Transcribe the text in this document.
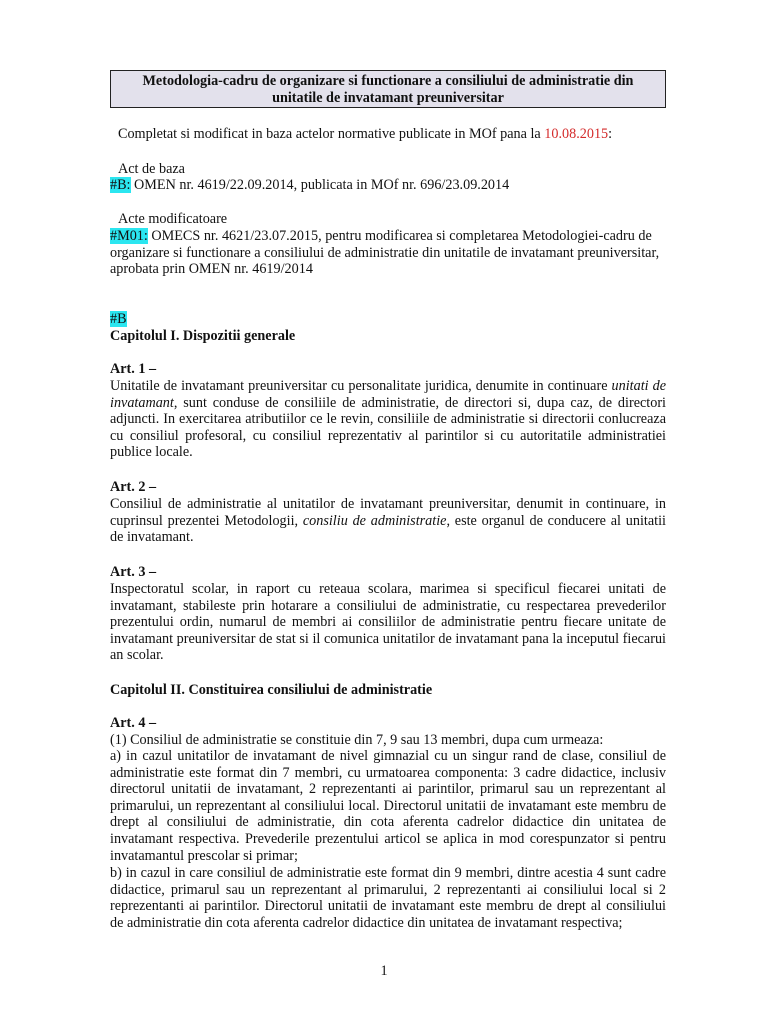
Metodologia-cadru de organizare si functionare a consiliului de administratie din
unitatile de invatamant preuniversitar
Completat si modificat in baza actelor normative publicate in MOf pana la 10.08.2015:
Act de baza
#B: OMEN nr. 4619/22.09.2014, publicata in MOf nr. 696/23.09.2014
Acte modificatoare
#M01: OMECS nr. 4621/23.07.2015, pentru modificarea si completarea Metodologiei-cadru de organizare si functionare a consiliului de administratie din unitatile de invatamant preuniversitar, aprobata prin OMEN nr. 4619/2014
#B
Capitolul I. Dispozitii generale
Art. 1 –
Unitatile de invatamant preuniversitar cu personalitate juridica, denumite in continuare unitati de invatamant, sunt conduse de consiliile de administratie, de directori si, dupa caz, de directori adjuncti. In exercitarea atributiilor ce le revin, consiliile de administratie si directorii conlucreaza cu consiliul profesoral, cu consiliul reprezentativ al parintilor si cu autoritatile administratiei publice locale.
Art. 2 –
Consiliul de administratie al unitatilor de invatamant preuniversitar, denumit in continuare, in cuprinsul prezentei Metodologii, consiliu de administratie, este organul de conducere al unitatii de invatamant.
Art. 3 –
Inspectoratul scolar, in raport cu reteaua scolara, marimea si specificul fiecarei unitati de invatamant, stabileste prin hotarare a consiliului de administratie, cu respectarea prevederilor prezentului ordin, numarul de membri ai consiliilor de administratie pentru fiecare unitate de invatamant preuniversitar de stat si il comunica unitatilor de invatamant pana la inceputul fiecarui an scolar.
Capitolul II. Constituirea consiliului de administratie
Art. 4 –
(1) Consiliul de administratie se constituie din 7, 9 sau 13 membri, dupa cum urmeaza:
a) in cazul unitatilor de invatamant de nivel gimnazial cu un singur rand de clase, consiliul de administratie este format din 7 membri, cu urmatoarea componenta: 3 cadre didactice, inclusiv directorul unitatii de invatamant, 2 reprezentanti ai parintilor, primarul sau un reprezentant al primarului, un reprezentant al consiliului local. Directorul unitatii de invatamant este membru de drept al consiliului de administratie, din cota aferenta cadrelor didactice din unitatea de invatamant respectiva. Prevederile prezentului articol se aplica in mod corespunzator si pentru invatamantul prescolar si primar;
b) in cazul in care consiliul de administratie este format din 9 membri, dintre acestia 4 sunt cadre didactice, primarul sau un reprezentant al primarului, 2 reprezentanti ai consiliului local si 2 reprezentanti ai parintilor. Directorul unitatii de invatamant este membru de drept al consiliului de administratie din cota aferenta cadrelor didactice din unitatea de invatamant respectiva;
1
